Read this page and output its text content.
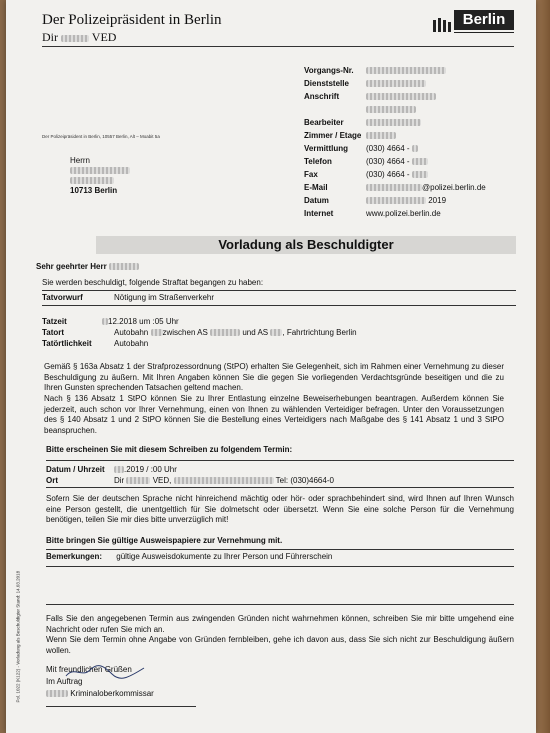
Der Polizeipräsident in Berlin
Dir	VED
Berlin
Vorgangs-Nr.
Dienststelle
Anschrift
Bearbeiter
Zimmer / Etage
Vermittlung (030) 4664 -
Telefon	(030) 4664 -
Fax	(030) 4664 -
E-Mail	@polizei.berlin.de
Datum	2019
Internet	www.polizei.berlin.de
Der Polizeipräsident in Berlin, 10557 Berlin, Alt – Moabit 5a
Herrn
10713 Berlin
Vorladung als Beschuldigter
Sehr geehrter Herr
Sie werden beschuldigt, folgende Straftat begangen zu haben:
Tatvorwurf	Nötigung im Straßenverkehr
Tatzeit	12.2018 um :05 Uhr
Tatort	Autobahn zwischen AS	und AS , Fahrtrichtung Berlin
Tatörtlichkeit	Autobahn
Gemäß § 163a Absatz 1 der Strafprozessordnung (StPO) erhalten Sie Gelegenheit, sich im Rahmen einer Vernehmung zu dieser Beschuldigung zu äußern. Mit Ihren Angaben können Sie die gegen Sie vorliegenden Verdachtsgründe beseitigen und die zu Ihren Gunsten sprechenden Tatsachen geltend machen.
Nach § 136 Absatz 1 StPO können Sie zu Ihrer Entlastung einzelne Beweiserhebungen beantragen. Außerdem können Sie jederzeit, auch schon vor Ihrer Vernehmung, einen von Ihnen zu wählenden Verteidiger befragen. Unter den Voraussetzungen des § 140 Absatz 1 und 2 StPO können Sie die Bestellung eines Verteidigers nach Maßgabe des § 141 Absatz 1 und 3 StPO beanspruchen.
Bitte erscheinen Sie mit diesem Schreiben zu folgendem Termin:
Datum / Uhrzeit	.2019 / :00 Uhr
Ort	Dir	VED,	Tel: (030)4664-0
Sofern Sie der deutschen Sprache nicht hinreichend mächtig oder hör- oder sprachbehindert sind, wird Ihnen auf Ihren Wunsch eine Person gestellt, die unentgeltlich für Sie dolmetscht oder übersetzt. Wenn Sie eine solche Person für die Vernehmung benötigen, teilen Sie mir dies bitte unverzüglich mit!
Bitte bringen Sie gültige Ausweispapiere zur Vernehmung mit.
Bemerkungen: gültige Ausweisdokumente zu Ihrer Person und Führerschein
Falls Sie den angegebenen Termin aus zwingenden Gründen nicht wahrnehmen können, schreiben Sie mir bitte umgehend eine Nachricht oder rufen Sie mich an.
Wenn Sie dem Termin ohne Angabe von Gründen fernbleiben, gehe ich davon aus, dass Sie sich nicht zur Beschuldigung äußern wollen.
Mit freundlichen Grüßen
Im Auftrag
Kriminaloberkommissar
Pol. 1022 (K122) - Vorladung als Beschuldigter Stand: 14.03.2018
